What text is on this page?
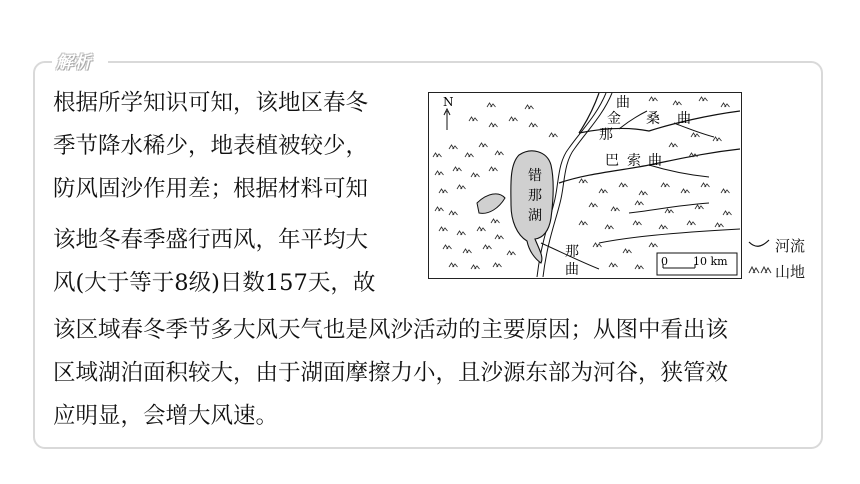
解析
根据所学知识可知，该地区春冬
季节降水稀少，地表植被较少，
防风固沙作用差；根据材料可知
该地冬春季盛行西风，年平均大
风(大于等于8级)日数157天，故
该区域春冬季节多大风天气也是风沙活动的主要原因；从图中看出该
区域湖泊面积较大，由于湖面摩擦力小，且沙源东部为河谷，狭管效
应明显，会增大风速。
N
错
那
湖
曲
金 桑 曲
那
巴 索 曲
那
曲
0 10 km
河流
山地
